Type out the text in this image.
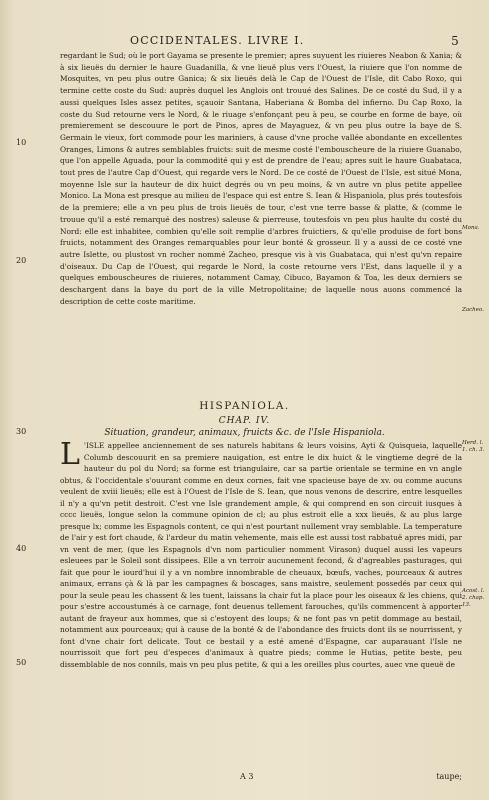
OCCIDENTALES. LIVRE I.	5

regardant le Sud; où le port Gayama se presente le premier; apres suyuent les riuieres Neabon & Xania; & à six lieuës du dernier le haure Guadanilla, & vne lieuë plus vers l'Ouest, la riuiere que l'on nomme de Mosquites, vn peu plus outre Ganica; & six lieuës delà le Cap de l'Ouest de l'Isle, dit Cabo Roxo, qui termine cette coste du Sud: auprès duquel les Anglois ont trouué des Salines. De ce costé du Sud, il y a aussi quelques Isles assez petites, sçauoir Santana, Haberiana & Bomba del infierno. Du Cap Roxo, la coste du Sud retourne vers le Nord, & le riuage s'enfonçant peu à peu, se courbe en forme de baye, où premierement se descouure le port de Pinos, apres de Mayaguez, & vn peu plus outre la baye de S. Germain le vieux, fort commode pour les mariniers, à cause d'vne proche vallée abondante en excellentes Oranges, Limons & autres semblables fruicts: suit de mesme costé l'embouscheure de la riuiere Guanabo, que l'on appelle Aguada, pour la commodité qui y est de prendre de l'eau; apres suit le haure Guabataca, tout pres de l'autre Cap d'Ouest, qui regarde vers le Nord. De ce costé de l'Ouest de l'Isle, est situé Mona, moyenne Isle sur la hauteur de dix huict degrés ou vn peu moins, & vn autre vn plus petite appellee Monico. La Mona est presque au milieu de l'espace qui est entre S. Iean & Hispaniola, plus prés toutesfois de la premiere; elle a vn peu plus de trois lieuës de tour, c'est vne terre basse & platte, & (comme le trouue qu'il a esté remarqué des nostres) saleuse & pierreuse, toutesfois vn peu plus haulte du costé du Nord: elle est inhabitee, combien qu'elle soit remplie d'arbres fruictiers, & qu'elle produise de fort bons fruicts, notamment des Oranges remarquables pour leur bonté & grosseur. Il y a aussi de ce costé vne autre Islette, ou plustost vn rocher nommé Zacheo, presque vis à vis Guabataca, qui n'est qu'vn repaire d'oiseaux. Du Cap de l'Ouest, qui regarde le Nord, la coste retourne vers l'Est, dans laquelle il y a quelques embouscheures de riuieres, notamment Camay, Cibuco, Bayamon & Toa, les deux derniers se deschargent dans la baye du port de la ville Metropolitaine; de laquelle nous auons commencé la description de cette coste maritime.

10
20
30
40
50
Mona.
Zacheo.
Herd. l. 1. ch. 3.
Acost. l. 2. chap. 13.
HISPANIOLA.
CHAP. IV.
Situation, grandeur, animaux, fruicts &c. de l'Isle Hispaniola.
L 'ISLE appellee anciennement de ses naturels habitans & leurs voisins, Ayti & Quisqueia, laquelle Columb descouurit en sa premiere nauigation, est entre le dix huict & le vingtieme degré de la hauteur du pol du Nord; sa forme est triangulaire, car sa partie orientale se termine en vn angle obtus, & l'occidentale s'ouurant comme en deux cornes, fait vne spacieuse baye de xv. ou comme aucuns veulent de xviii lieuës; elle est à l'Ouest de l'Isle de S. Iean, que nous venons de descrire, entre lesquelles il n'y a qu'vn petit destroit. C'est vne Isle grandement ample, & qui comprend en son circuit iusques à cccc lieuës, longue selon la commune opinion de cl; au plus estroit elle a xxx lieuës, & au plus large presque lx; comme les Espagnols content, ce qui n'est pourtant nullement vray semblable. La temperature de l'air y est fort chaude, & l'ardeur du matin vehemente, mais elle est aussi tost rabbatuë apres midi, par vn vent de mer, (que les Espagnols d'vn nom particulier nomment Virason) duquel aussi les vapeurs esleuees par le Soleil sont dissipees. Elle a vn terroir aucunement fecond, & d'agreables pasturages, qui fait que pour le iourd'hui il y a vn nombre innombrable de cheuaux, bœufs, vaches, pourceaux & autres animaux, errans çà & là par les campagnes & boscages, sans maistre, seulement possedés par ceux qui pour la seule peau les chassent & les tuent, laissans la chair fut la place pour les oiseaux & les chiens, qui pour s'estre accoustumés à ce carnage, font deuenus tellement farouches, qu'ils commencent à apporter autant de frayeur aux hommes, que si c'estoyent des loups; & ne font pas vn petit dommage au bestail, notamment aux pourceaux; qui à cause de la bonté & de l'abondance des fruicts dont ils se nourrissent, y font d'vne chair fort delicate. Tout ce bestail y a esté amené d'Espagne, car auparauant l'Isle ne nourrissoit que fort peu d'especes d'animaux à quatre pieds; comme le Hutias, petite beste, peu dissemblable de nos connils, mais vn peu plus petite, & qui a les oreilles plus courtes, auec vne queuë de
A 3	taupe;
